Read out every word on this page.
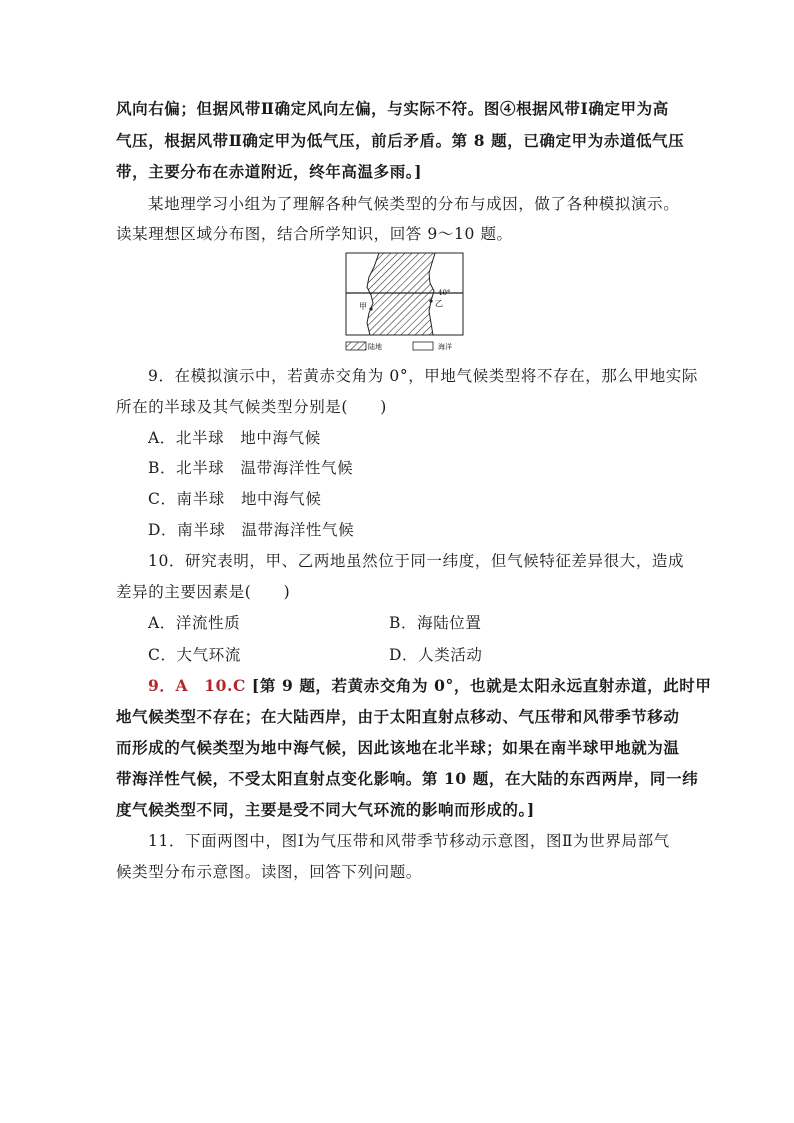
风向右偏；但据风带Ⅱ确定风向左偏，与实际不符。图④根据风带Ⅰ确定甲为高
气压，根据风带Ⅱ确定甲为低气压，前后矛盾。第 8 题，已确定甲为赤道低气压
带，主要分布在赤道附近，终年高温多雨。]
某地理学习小组为了理解各种气候类型的分布与成因，做了各种模拟演示。
读某理想区域分布图，结合所学知识，回答 9～10 题。
甲	乙
40°
陆地	海洋
9．在模拟演示中，若黄赤交角为 0°，甲地气候类型将不存在，那么甲地实际
所在的半球及其气候类型分别是(　　)
A．北半球　地中海气候
B．北半球　温带海洋性气候
C．南半球　地中海气候
D．南半球　温带海洋性气候
10．研究表明，甲、乙两地虽然位于同一纬度，但气候特征差异很大，造成
差异的主要因素是(　　)
A．洋流性质	B．海陆位置
C．大气环流	D．人类活动
9．A　10.C [第 9 题，若黄赤交角为 0°，也就是太阳永远直射赤道，此时甲
地气候类型不存在；在大陆西岸，由于太阳直射点移动、气压带和风带季节移动
而形成的气候类型为地中海气候，因此该地在北半球；如果在南半球甲地就为温
带海洋性气候，不受太阳直射点变化影响。第 10 题，在大陆的东西两岸，同一纬
度气候类型不同，主要是受不同大气环流的影响而形成的。]
11．下面两图中，图Ⅰ为气压带和风带季节移动示意图，图Ⅱ为世界局部气
候类型分布示意图。读图，回答下列问题。
